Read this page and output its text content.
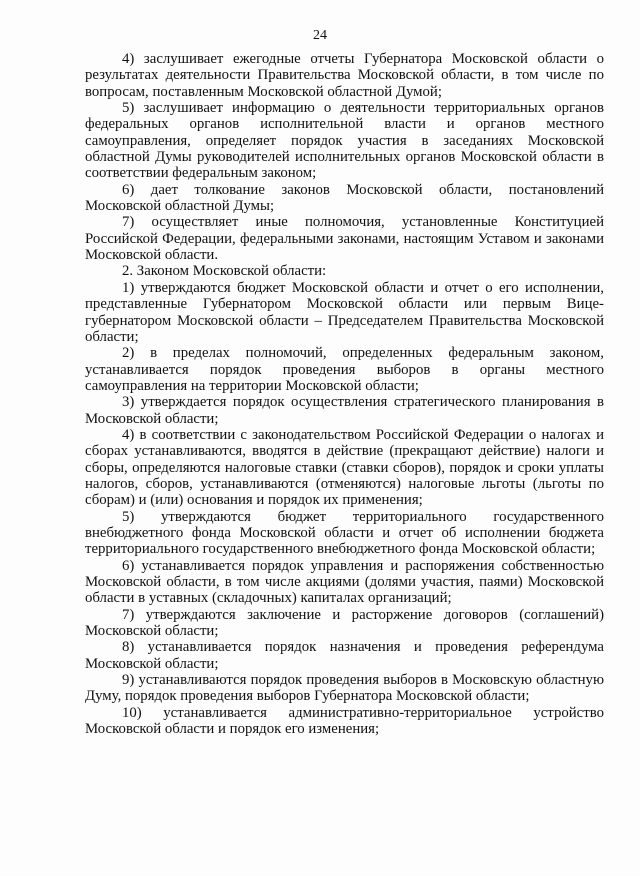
24

4) заслушивает ежегодные отчеты Губернатора Московской области о результатах деятельности Правительства Московской области, в том числе по вопросам, поставленным Московской областной Думой;

5) заслушивает информацию о деятельности территориальных органов федеральных органов исполнительной власти и органов местного самоуправления, определяет порядок участия в заседаниях Московской областной Думы руководителей исполнительных органов Московской области в соответствии федеральным законом;

6) дает толкование законов Московской области, постановлений Московской областной Думы;

7) осуществляет иные полномочия, установленные Конституцией Российской Федерации, федеральными законами, настоящим Уставом и законами Московской области.

2. Законом Московской области:

1) утверждаются бюджет Московской области и отчет о его исполнении, представленные Губернатором Московской области или первым Вице-губернатором Московской области – Председателем Правительства Московской области;

2) в пределах полномочий, определенных федеральным законом, устанавливается порядок проведения выборов в органы местного самоуправления на территории Московской области;

3) утверждается порядок осуществления стратегического планирования в Московской области;

4) в соответствии с законодательством Российской Федерации о налогах и сборах устанавливаются, вводятся в действие (прекращают действие) налоги и сборы, определяются налоговые ставки (ставки сборов), порядок и сроки уплаты налогов, сборов, устанавливаются (отменяются) налоговые льготы (льготы по сборам) и (или) основания и порядок их применения;

5) утверждаются бюджет территориального государственного внебюджетного фонда Московской области и отчет об исполнении бюджета территориального государственного внебюджетного фонда Московской области;

6) устанавливается порядок управления и распоряжения собственностью Московской области, в том числе акциями (долями участия, паями) Московской области в уставных (складочных) капиталах организаций;

7) утверждаются заключение и расторжение договоров (соглашений) Московской области;

8) устанавливается порядок назначения и проведения референдума Московской области;

9) устанавливаются порядок проведения выборов в Московскую областную Думу, порядок проведения выборов Губернатора Московской области;

10) устанавливается административно-территориальное устройство Московской области и порядок его изменения;
